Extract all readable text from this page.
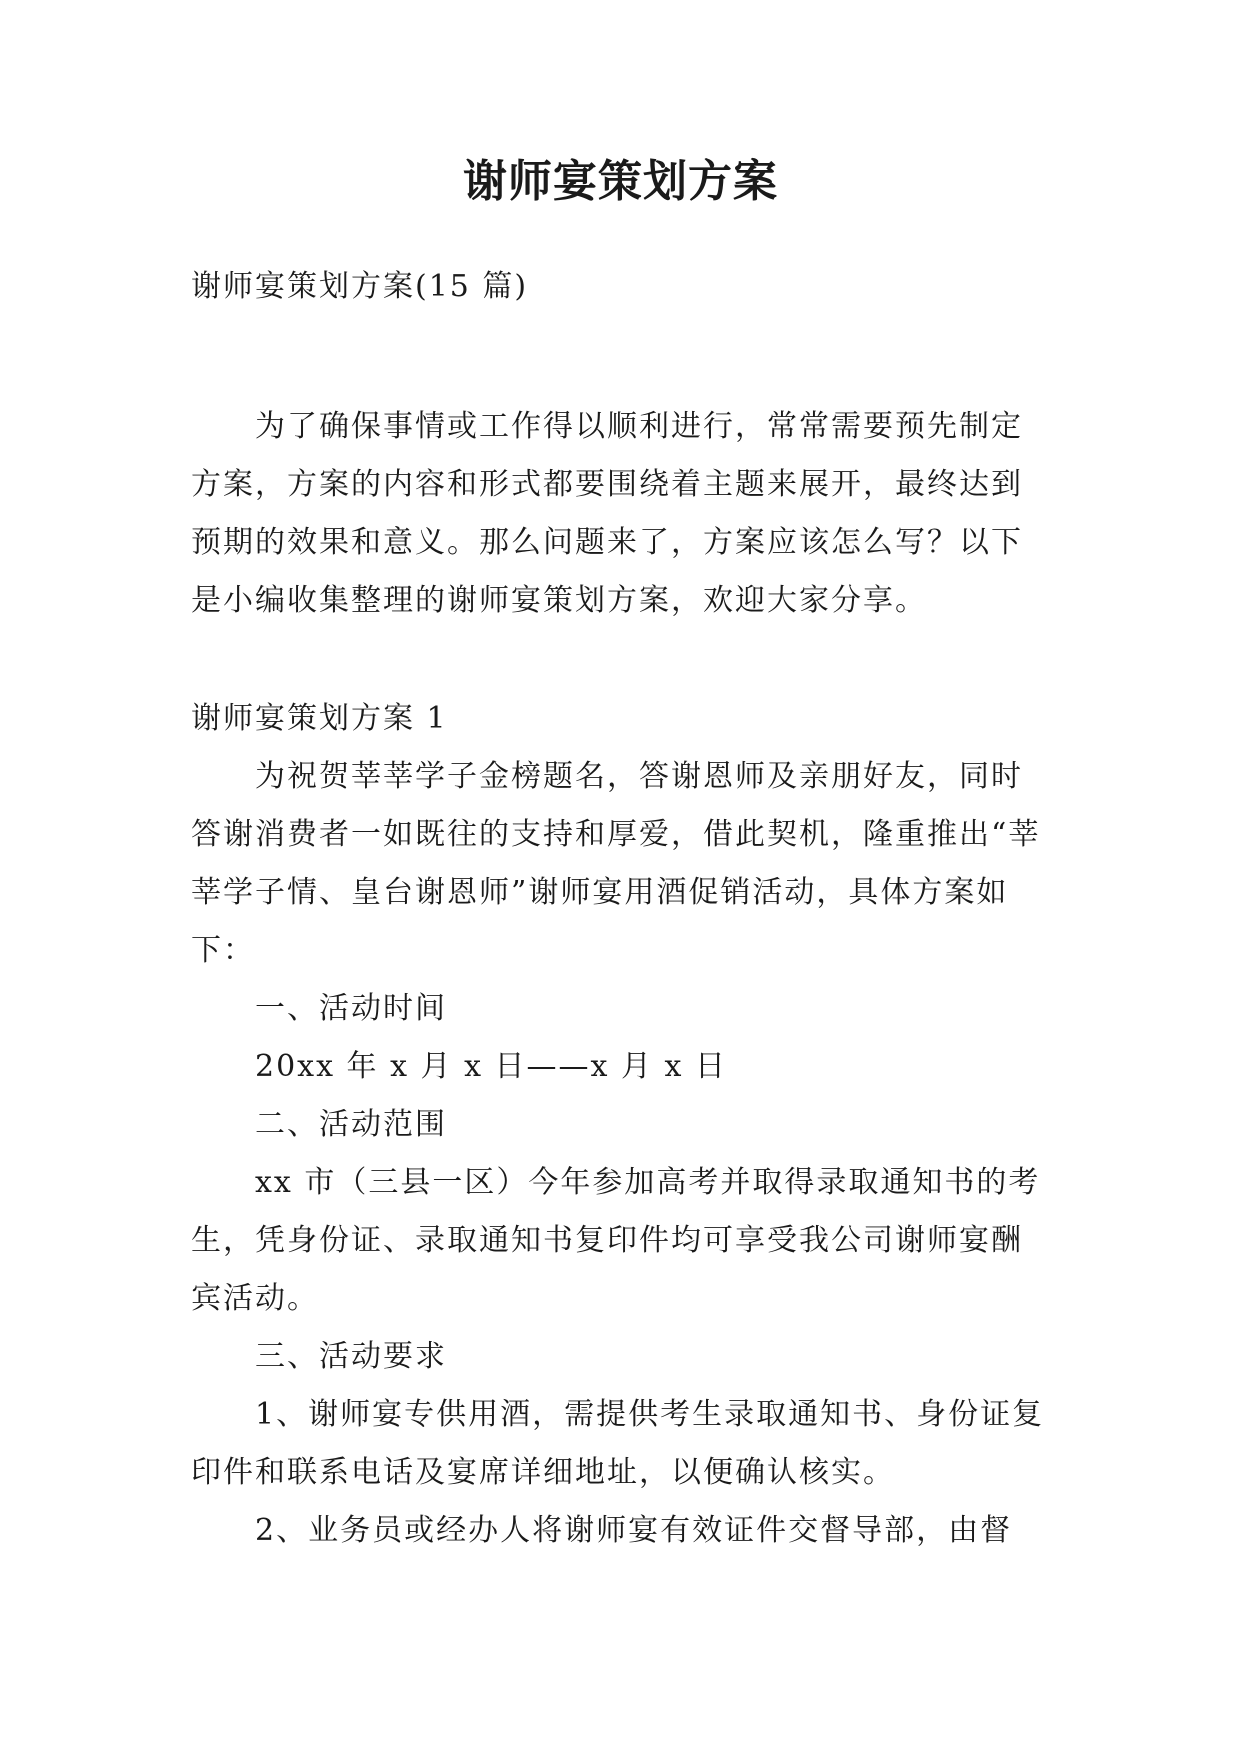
谢师宴策划方案

谢师宴策划方案(15 篇)

为了确保事情或工作得以顺利进行，常常需要预先制定方案，方案的内容和形式都要围绕着主题来展开，最终达到预期的效果和意义。那么问题来了，方案应该怎么写？以下是小编收集整理的谢师宴策划方案，欢迎大家分享。

谢师宴策划方案 1

为祝贺莘莘学子金榜题名，答谢恩师及亲朋好友，同时答谢消费者一如既往的支持和厚爱，借此契机，隆重推出“莘莘学子情、皇台谢恩师”谢师宴用酒促销活动，具体方案如下：

一、活动时间

20xx 年 x 月 x 日——x 月 x 日

二、活动范围

xx 市（三县一区）今年参加高考并取得录取通知书的考生，凭身份证、录取通知书复印件均可享受我公司谢师宴酬宾活动。

三、活动要求

1、谢师宴专供用酒，需提供考生录取通知书、身份证复印件和联系电话及宴席详细地址，以便确认核实。

2、业务员或经办人将谢师宴有效证件交督导部，由督
